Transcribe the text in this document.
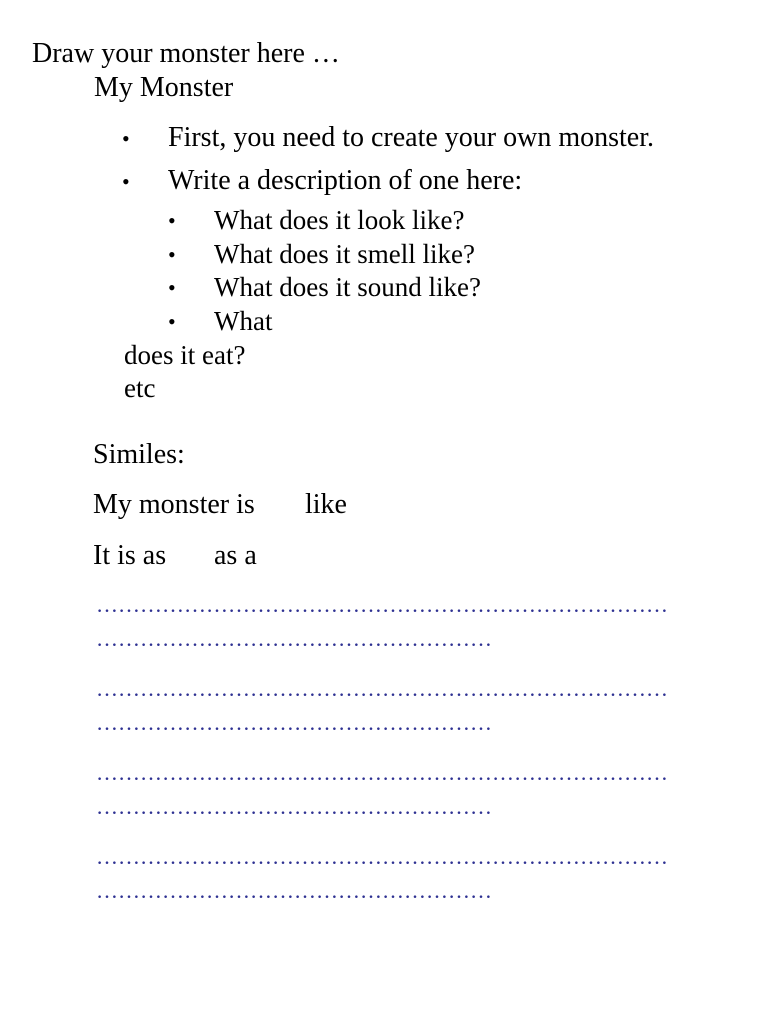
Draw your monster here …
My Monster
• First, you need to create your own monster.
• Write a description of one here:
• What does it look like?
• What does it smell like?
• What does it sound like?
• What
does it eat?
etc
Similes:
My monster is like
It is as as a
……………………………………………………………………
………………………………………………
……………………………………………………………………
………………………………………………
……………………………………………………………………
………………………………………………
……………………………………………………………………
………………………………………………
